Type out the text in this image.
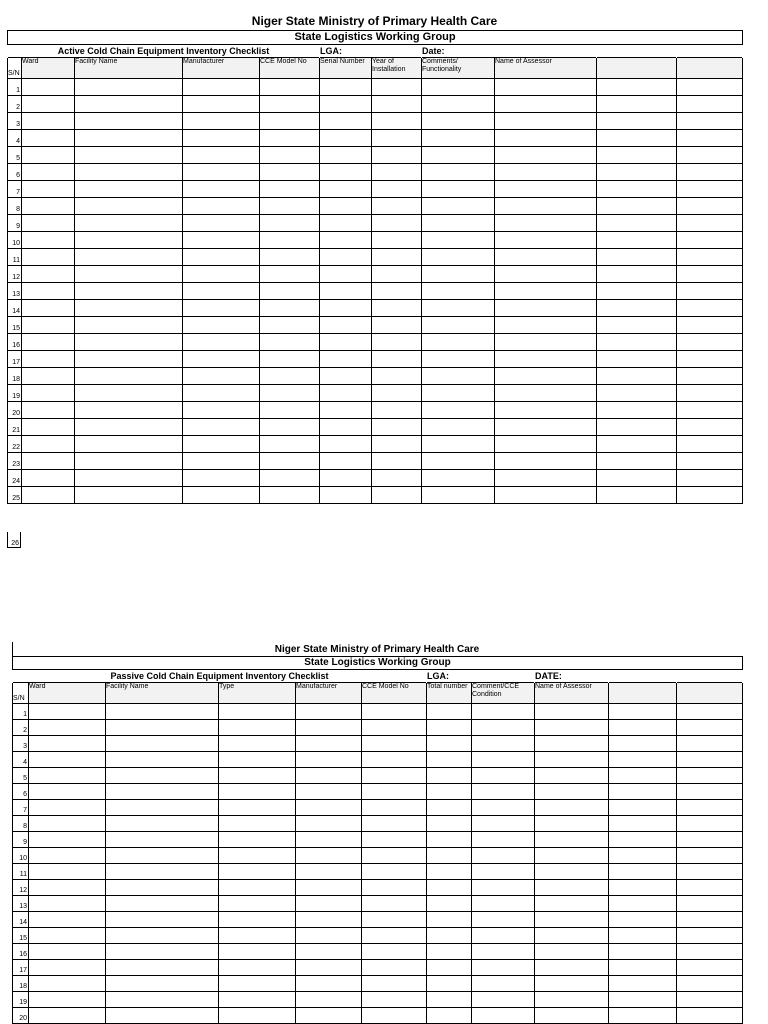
Niger State Ministry of Primary Health Care
State Logistics Working Group										
Active Cold Chain Equipment Inventory Checklist					LGA:		Date:			
S/N	Ward	Facility Name	Manufacturer	CCE Model No	Serial Number	Year of Installation	Comments/ Functionality	Name of Assessor		
1										
2										
3										
4										
5										
6										
7										
8										
9										
10										
11										
12										
13										
14										
15										
16										
17										
18										
19										
20										
21										
22										
23										
24										
25										
26
Niger State Ministry of Primary Health Care
State Logistics Working Group										
Passive Cold Chain Equipment Inventory Checklist						LGA:		DATE:		
S/N	Ward	Facility Name	Type	Manufacturer	CCE Model No	Total number	Comment/CCE Condition	Name of Assessor		
1										
2										
3										
4										
5										
6										
7										
8										
9										
10										
11										
12										
13										
14										
15										
16										
17										
18										
19										
20										
